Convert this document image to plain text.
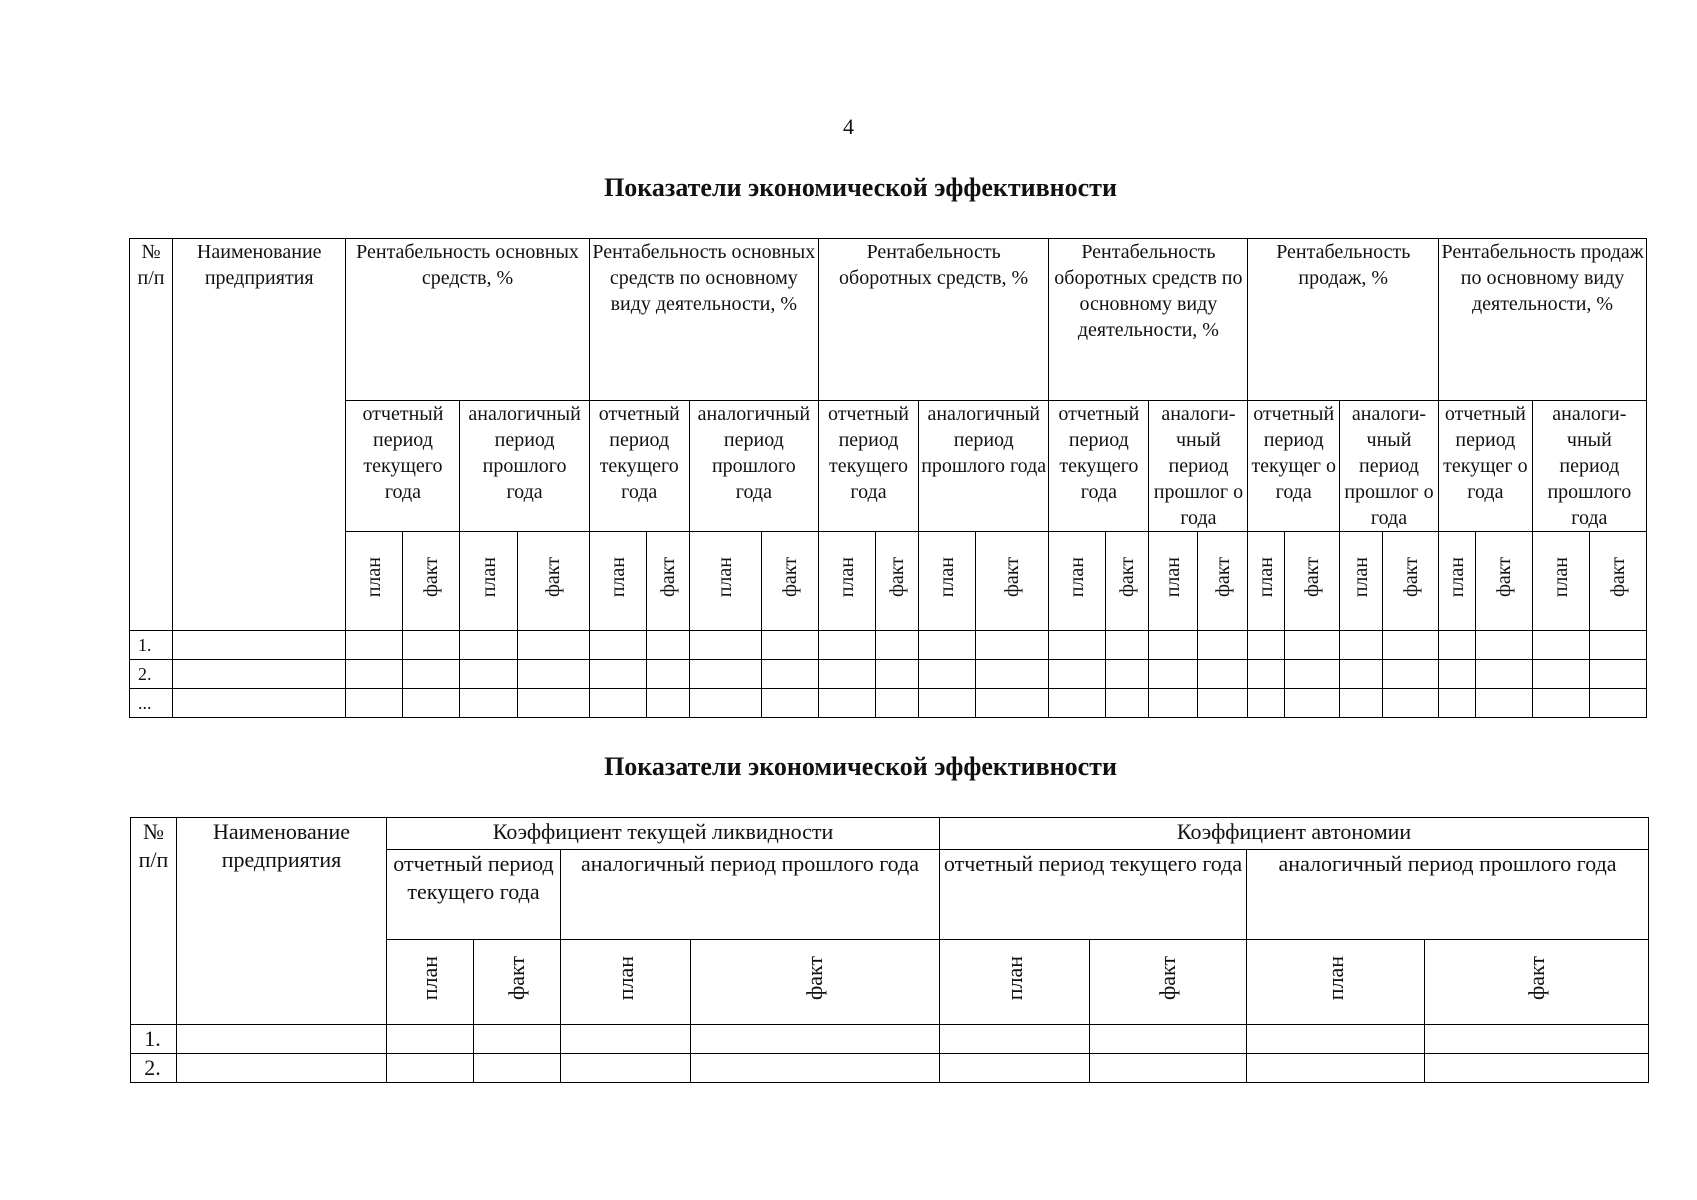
4
Показатели экономической эффективности
№ п/п	Наименование предприятия	Рентабельность основных средств, %				Рентабельность основных средств по основному виду деятельности, %				Рентабельность оборотных средств, %				Рентабельность оборотных средств по основному виду деятельности, %				Рентабельность продаж, %				Рентабельность продаж по основному виду деятельности, %			
		отчетный период текущего года		аналогичный период прошлого года		отчетный период текущего года		аналогичный период прошлого года		отчетный период текущего года		аналогичный период прошлого года		отчетный период текущего года		аналогичный период прошлог о года		отчетный период текущег о года		аналогичный период прошлог о года		отчетный период текущег о года		аналогичный период прошлого года	
		план	факт	план	факт	план	факт	план	факт	план	факт	план	факт	план	факт	план	факт	план	факт	план	факт	план	факт	план	факт
1.																									
2.																									
...																									
Показатели экономической эффективности
№ п/п	Наименование предприятия	Коэффициент текущей ликвидности				Коэффициент автономии			
		отчетный период текущего года		аналогичный период прошлого года		отчетный период текущего года		аналогичный период прошлого года	
		план	факт	план	факт	план	факт	план	факт
1.									
2.									
